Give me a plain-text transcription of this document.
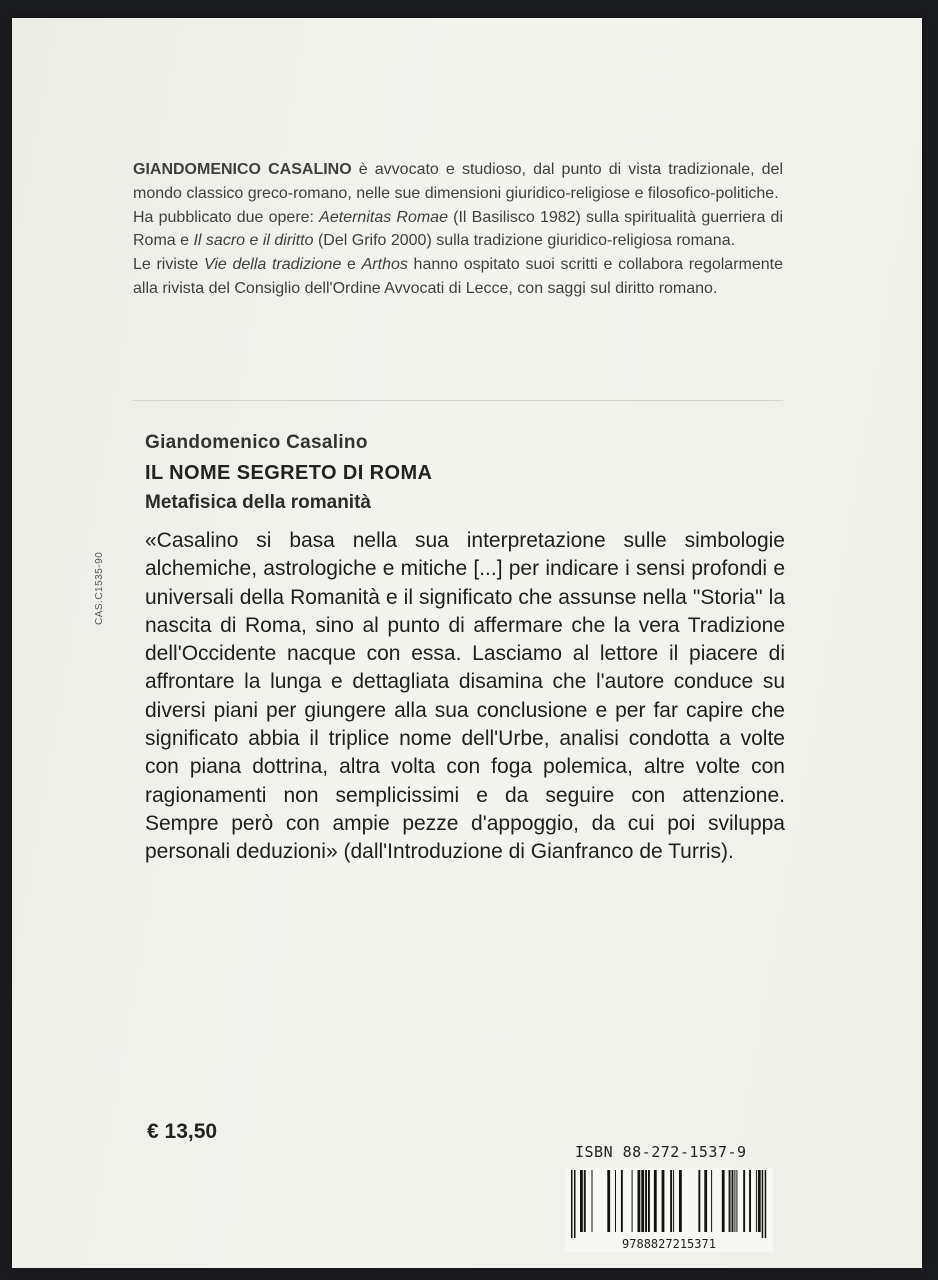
GIANDOMENICO CASALINO è avvocato e studioso, dal punto di vista tradizionale, del mondo classico greco-romano, nelle sue dimensioni giuridico-religiose e filosofico-politiche.

Ha pubblicato due opere: Aeternitas Romae (Il Basilisco 1982) sulla spiritualità guerriera di Roma e Il sacro e il diritto (Del Grifo 2000) sulla tradizione giuridico-religiosa romana.

Le riviste Vie della tradizione e Arthos hanno ospitato suoi scritti e collabora regolarmente alla rivista del Consiglio dell'Ordine Avvocati di Lecce, con saggi sul diritto romano.

Giandomenico Casalino
IL NOME SEGRETO DI ROMA
Metafisica della romanità
CAS.C1535-90
«Casalino si basa nella sua interpretazione sulle simbologie alchemiche, astrologiche e mitiche [...] per indicare i sensi profondi e universali della Romanità e il significato che assunse nella "Storia" la nascita di Roma, sino al punto di affermare che la vera Tradizione dell'Occidente nacque con essa. Lasciamo al lettore il piacere di affrontare la lunga e dettagliata disamina che l'autore conduce su diversi piani per giungere alla sua conclusione e per far capire che significato abbia il triplice nome dell'Urbe, analisi condotta a volte con piana dottrina, altra volta con foga polemica, altre volte con ragionamenti non semplicissimi e da seguire con attenzione. Sempre però con ampie pezze d'appoggio, da cui poi sviluppa personali deduzioni» (dall'Introduzione di Gianfranco de Turris).
€ 13,50
ISBN 88-272-1537-9
9788827215371
